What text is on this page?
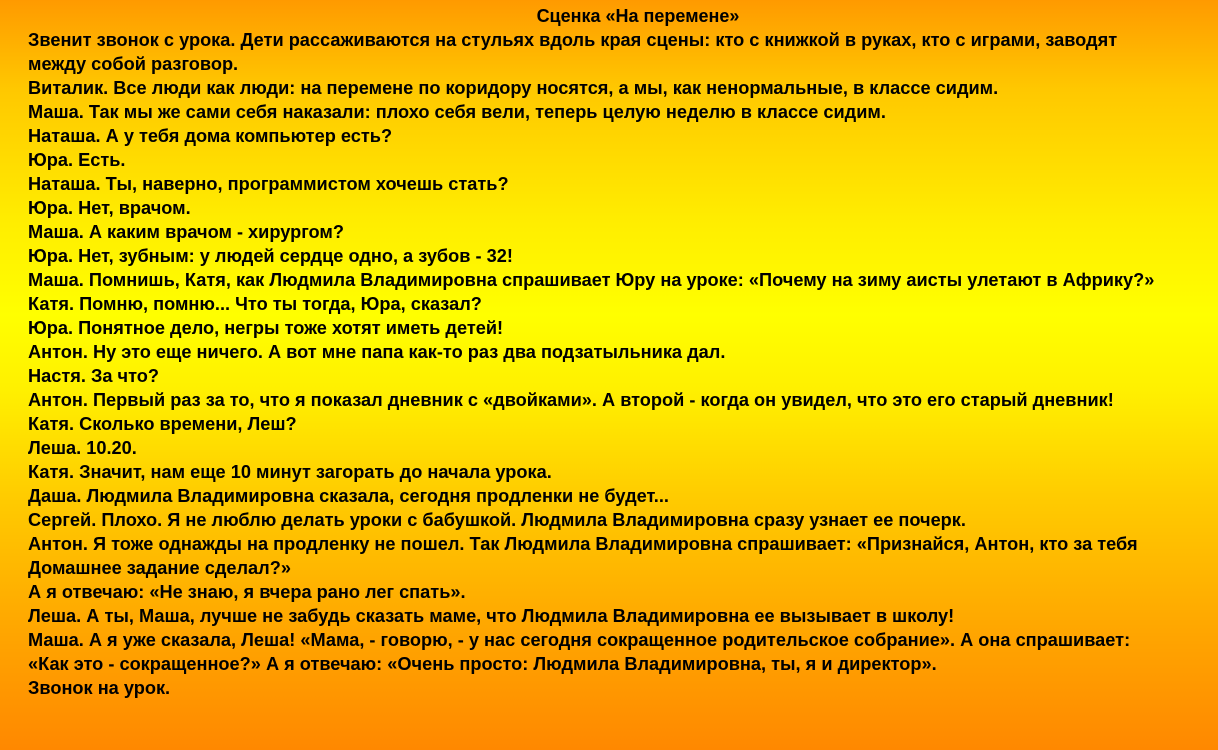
Сценка «На перемене»

Звенит звонок с урока. Дети рассаживаются на стульях вдоль края сцены: кто с книжкой в руках, кто с играми, заводят между собой разговор.

Виталик. Все люди как люди: на перемене по коридору носятся, а мы, как ненормальные, в классе сидим.

Маша. Так мы же сами себя наказали: плохо себя вели, теперь целую неделю в классе сидим.

Наташа. А у тебя дома компьютер есть?

Юра. Есть.

Наташа. Ты, наверно, программистом хочешь стать?

Юра. Нет, врачом.

Маша. А каким врачом - хирургом?

Юра. Нет, зубным: у людей сердце одно, а зубов - 32!

Маша. Помнишь, Катя, как Людмила Владимировна спрашивает Юру на уроке: «Почему на зиму аисты улетают в Африку?»

Катя. Помню, помню... Что ты тогда, Юра, сказал?

Юра. Понятное дело, негры тоже хотят иметь детей!

Антон. Ну это еще ничего. А вот мне папа как-то раз два подзатыльника дал.

Настя. За что?

Антон. Первый раз за то, что я показал дневник с «двойками». А второй - когда он увидел, что это его старый дневник!

Катя. Сколько времени, Леш?

Леша. 10.20.

Катя. Значит, нам еще 10 минут загорать до начала урока.

Даша. Людмила Владимировна сказала, сегодня продленки не будет...

Сергей. Плохо. Я не люблю делать уроки с бабушкой. Людмила Владимировна сразу узнает ее почерк.

Антон. Я тоже однажды на продленку не пошел. Так Людмила Владимировна спрашивает: «Признайся, Антон, кто за тебя Домашнее задание сделал?»

А я отвечаю: «Не знаю, я вчера рано лег спать».

Леша. А ты, Маша, лучше не забудь сказать маме, что Людмила Владимировна ее вызывает в школу!

Маша. А я уже сказала, Леша! «Мама, - говорю, - у нас сегодня сокращенное родительское собрание». А она спрашивает: «Как это - сокращенное?» А я отвечаю: «Очень просто: Людмила Владимировна, ты, я и директор».

Звонок на урок.
